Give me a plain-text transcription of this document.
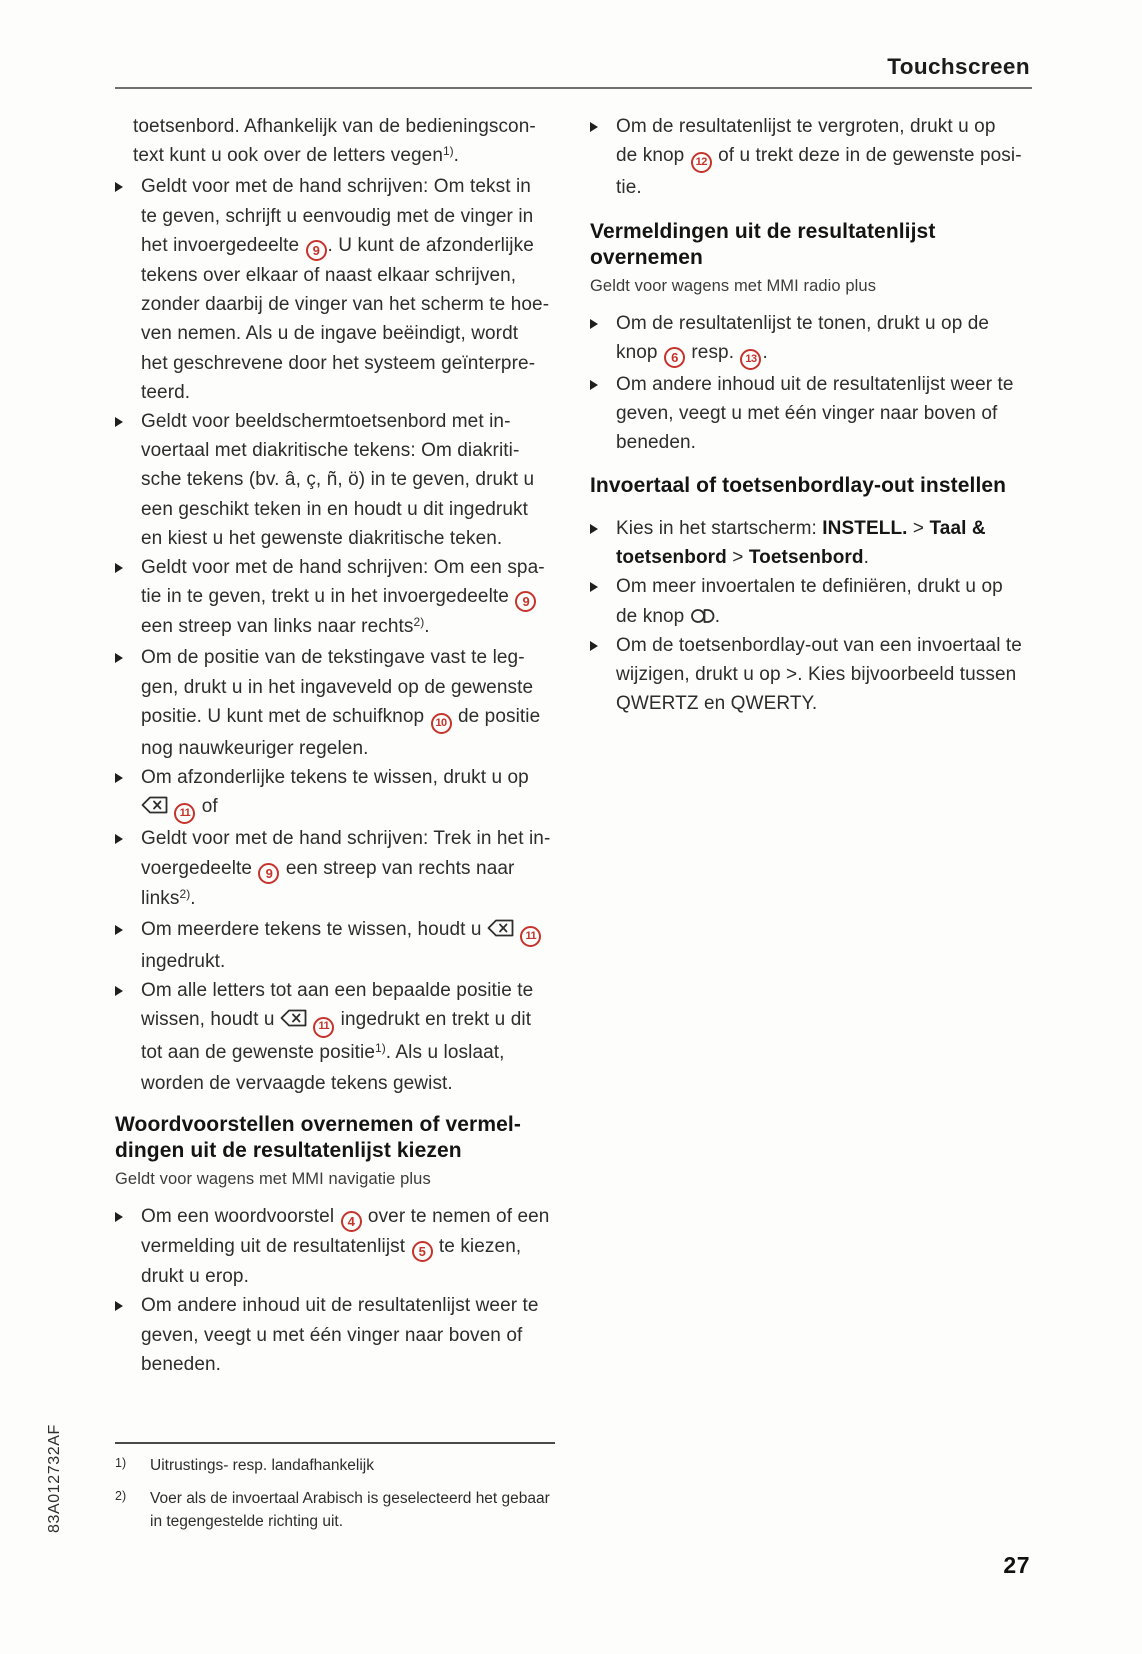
Touchscreen

toetsenbord. Afhankelijk van de bedieningscon-
text kunt u ook over de letters vegen$^{1)}$.

Geldt voor met de hand schrijven: Om tekst in
te geven, schrijft u eenvoudig met de vinger in
het invoergedeelte 9 . U kunt de afzonderlijke
tekens over elkaar of naast elkaar schrijven,
zonder daarbij de vinger van het scherm te hoe-
ven nemen. Als u de ingave beëindigt, wordt
het geschrevene door het systeem geïnterpre-
teerd.
Geldt voor beeldschermtoetsenbord met in-
voertaal met diakritische tekens: Om diakriti-
sche tekens (bv. â, ç, ñ, ö) in te geven, drukt u
een geschikt teken in en houdt u dit ingedrukt
en kiest u het gewenste diakritische teken.
Geldt voor met de hand schrijven: Om een spa-
tie in te geven, trekt u in het invoergedeelte 9
een streep van links naar rechts$^{2)}$.
Om de positie van de tekstingave vast te leg-
gen, drukt u in het ingaveveld op de gewenste
positie. U kunt met de schuifknop 10 de positie
nog nauwkeuriger regelen.
Om afzonderlijke tekens te wissen, drukt u op
11 of
Geldt voor met de hand schrijven: Trek in het in-
voergedeelte 9 een streep van rechts naar
links$^{2)}$.
Om meerdere tekens te wissen, houdt u	11
ingedrukt.
Om alle letters tot aan een bepaalde positie te
wissen, houdt u	11 ingedrukt en trekt u dit
tot aan de gewenste positie$^{1)}$. Als u loslaat,
worden de vervaagde tekens gewist.
Woordvoorstellen overnemen of vermel-
dingen uit de resultatenlijst kiezen
Geldt voor wagens met MMI navigatie plus
Om een woordvoorstel 4 over te nemen of een
vermelding uit de resultatenlijst 5 te kiezen,
drukt u erop.
Om andere inhoud uit de resultatenlijst weer te
geven, veegt u met één vinger naar boven of
beneden.
Om de resultatenlijst te vergroten, drukt u op
de knop 12 of u trekt deze in de gewenste posi-
tie.
Vermeldingen uit de resultatenlijst
overnemen
Geldt voor wagens met MMI radio plus
Om de resultatenlijst te tonen, drukt u op de
knop 6 resp. 13 .
Om andere inhoud uit de resultatenlijst weer te
geven, veegt u met één vinger naar boven of
beneden.
Invoertaal of toetsenbordlay-out instellen
Kies in het startscherm: INSTELL. > Taal &
toetsenbord > Toetsenbord.
Om meer invoertalen te definiëren, drukt u op
de knop .
Om de toetsenbordlay-out van een invoertaal te
wijzigen, drukt u op >. Kies bijvoorbeeld tussen
QWERTZ en QWERTY.
1)	Uitrustings- resp. landafhankelijk
2)	Voer als de invoertaal Arabisch is geselecteerd het gebaar
in tegengestelde richting uit.
83A012732AF
27
